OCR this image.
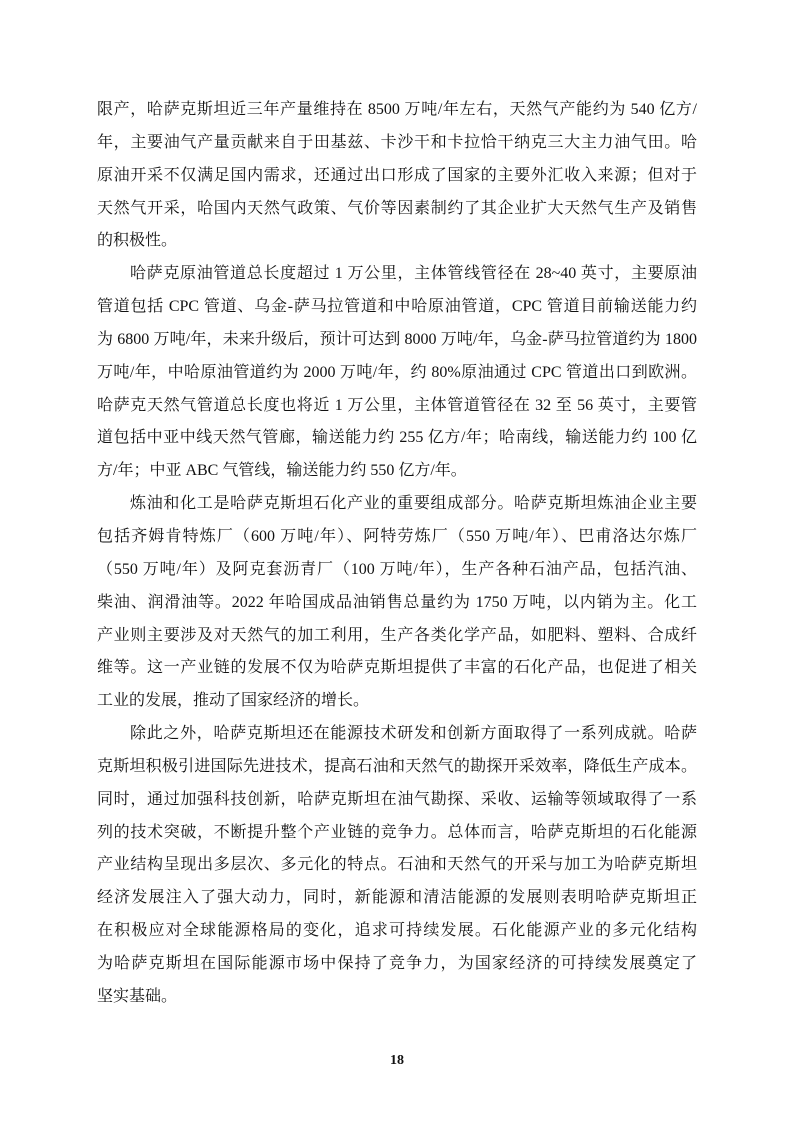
限产，哈萨克斯坦近三年产量维持在 8500 万吨/年左右，天然气产能约为 540 亿方/
年，主要油气产量贡献来自于田基兹、卡沙干和卡拉恰干纳克三大主力油气田。哈
原油开采不仅满足国内需求，还通过出口形成了国家的主要外汇收入来源；但对于
天然气开采，哈国内天然气政策、气价等因素制约了其企业扩大天然气生产及销售
的积极性。
哈萨克原油管道总长度超过 1 万公里，主体管线管径在 28~40 英寸，主要原油
管道包括 CPC 管道、乌金-萨马拉管道和中哈原油管道，CPC 管道目前输送能力约
为 6800 万吨/年，未来升级后，预计可达到 8000 万吨/年，乌金-萨马拉管道约为 1800
万吨/年，中哈原油管道约为 2000 万吨/年，约 80%原油通过 CPC 管道出口到欧洲。
哈萨克天然气管道总长度也将近 1 万公里，主体管道管径在 32 至 56 英寸，主要管
道包括中亚中线天然气管廊，输送能力约 255 亿方/年；哈南线，输送能力约 100 亿
方/年；中亚 ABC 气管线，输送能力约 550 亿方/年。
炼油和化工是哈萨克斯坦石化产业的重要组成部分。哈萨克斯坦炼油企业主要
包括齐姆肯特炼厂（600 万吨/年）、阿特劳炼厂（550 万吨/年）、巴甫洛达尔炼厂
（550 万吨/年）及阿克套沥青厂（100 万吨/年），生产各种石油产品，包括汽油、
柴油、润滑油等。2022 年哈国成品油销售总量约为 1750 万吨，以内销为主。化工
产业则主要涉及对天然气的加工利用，生产各类化学产品，如肥料、塑料、合成纤
维等。这一产业链的发展不仅为哈萨克斯坦提供了丰富的石化产品，也促进了相关
工业的发展，推动了国家经济的增长。
除此之外，哈萨克斯坦还在能源技术研发和创新方面取得了一系列成就。哈萨
克斯坦积极引进国际先进技术，提高石油和天然气的勘探开采效率，降低生产成本。
同时，通过加强科技创新，哈萨克斯坦在油气勘探、采收、运输等领域取得了一系
列的技术突破，不断提升整个产业链的竞争力。总体而言，哈萨克斯坦的石化能源
产业结构呈现出多层次、多元化的特点。石油和天然气的开采与加工为哈萨克斯坦
经济发展注入了强大动力，同时，新能源和清洁能源的发展则表明哈萨克斯坦正
在积极应对全球能源格局的变化，追求可持续发展。石化能源产业的多元化结构
为哈萨克斯坦在国际能源市场中保持了竞争力，为国家经济的可持续发展奠定了
坚实基础。
18
